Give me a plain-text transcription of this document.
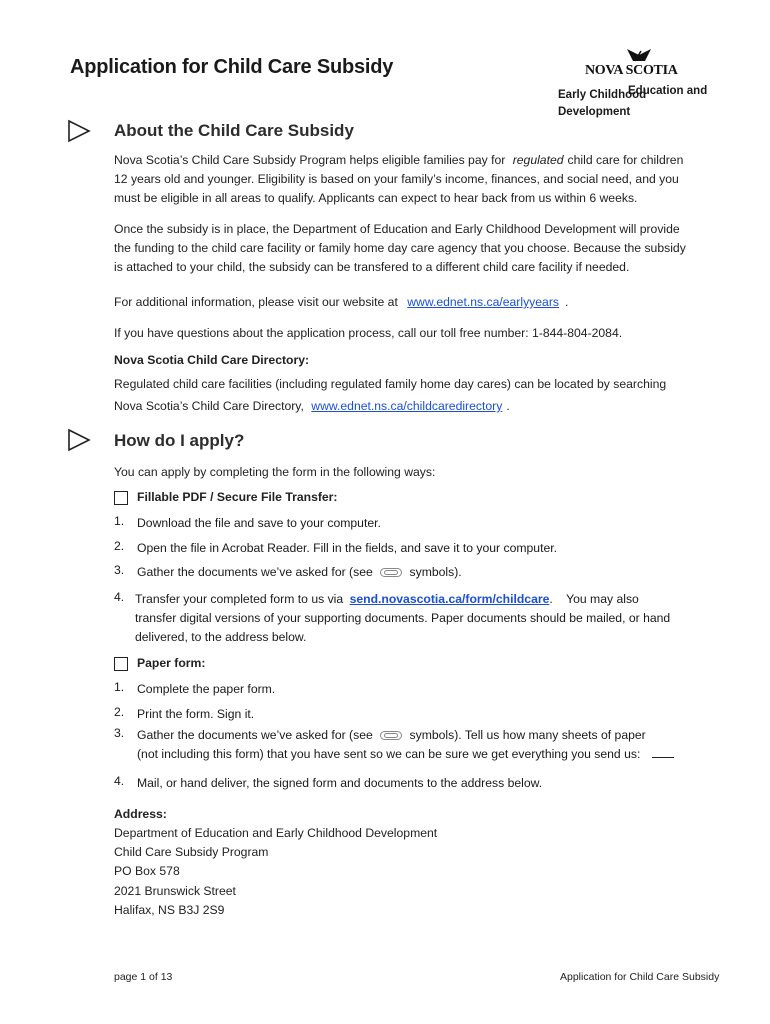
Application for Child Care Subsidy	NOVA SCOTIA
Early Childhood
Education and
Development
About the Child Care Subsidy
Nova Scotia’s Child Care Subsidy Program helps eligible families pay for regulated child care for children
12 years old and younger. Eligibility is based on your family’s income, finances, and social need, and you
must be eligible in all areas to qualify. Applicants can expect to hear back from us within 6 weeks.
Once the subsidy is in place, the Department of Education and Early Childhood Development will provide
the funding to the child care facility or family home day care agency that you choose. Because the subsidy
is attached to your child, the subsidy can be transfered to a different child care facility if needed.
For additional information, please visit our website at www.ednet.ns.ca/earlyyears .
If you have questions about the application process, call our toll free number: 1-844-804-2084.
Nova Scotia Child Care Directory:
Regulated child care facilities (including regulated family home day cares) can be located by searching
Nova Scotia’s Child Care Directory, www.ednet.ns.ca/childcaredirectory .
How do I apply?
You can apply by completing the form in the following ways:
Fillable PDF / Secure File Transfer:
1. Download the file and save to your computer.
2. Open the file in Acrobat Reader. Fill in the fields, and save it to your computer.
3. Gather the documents we’ve asked for (see	symbols).
4. Transfer your completed form to us via send.novascotia.ca/form/childcare.    You may also
transfer digital versions of your supporting documents. Paper documents should be mailed, or hand
delivered, to the address below.
Paper form:
1. Complete the paper form.
2. Print the form. Sign it.
3. Gather the documents we’ve asked for (see	symbols). Tell us how many sheets of paper
(not including this form) that you have sent so we can be sure we get everything you send us:
4. Mail, or hand deliver, the signed form and documents to the address below.
Address:
Department of Education and Early Childhood Development
Child Care Subsidy Program
PO Box 578
2021 Brunswick Street
Halifax, NS B3J 2S9
page 1 of 13	Application for Child Care Subsidy
